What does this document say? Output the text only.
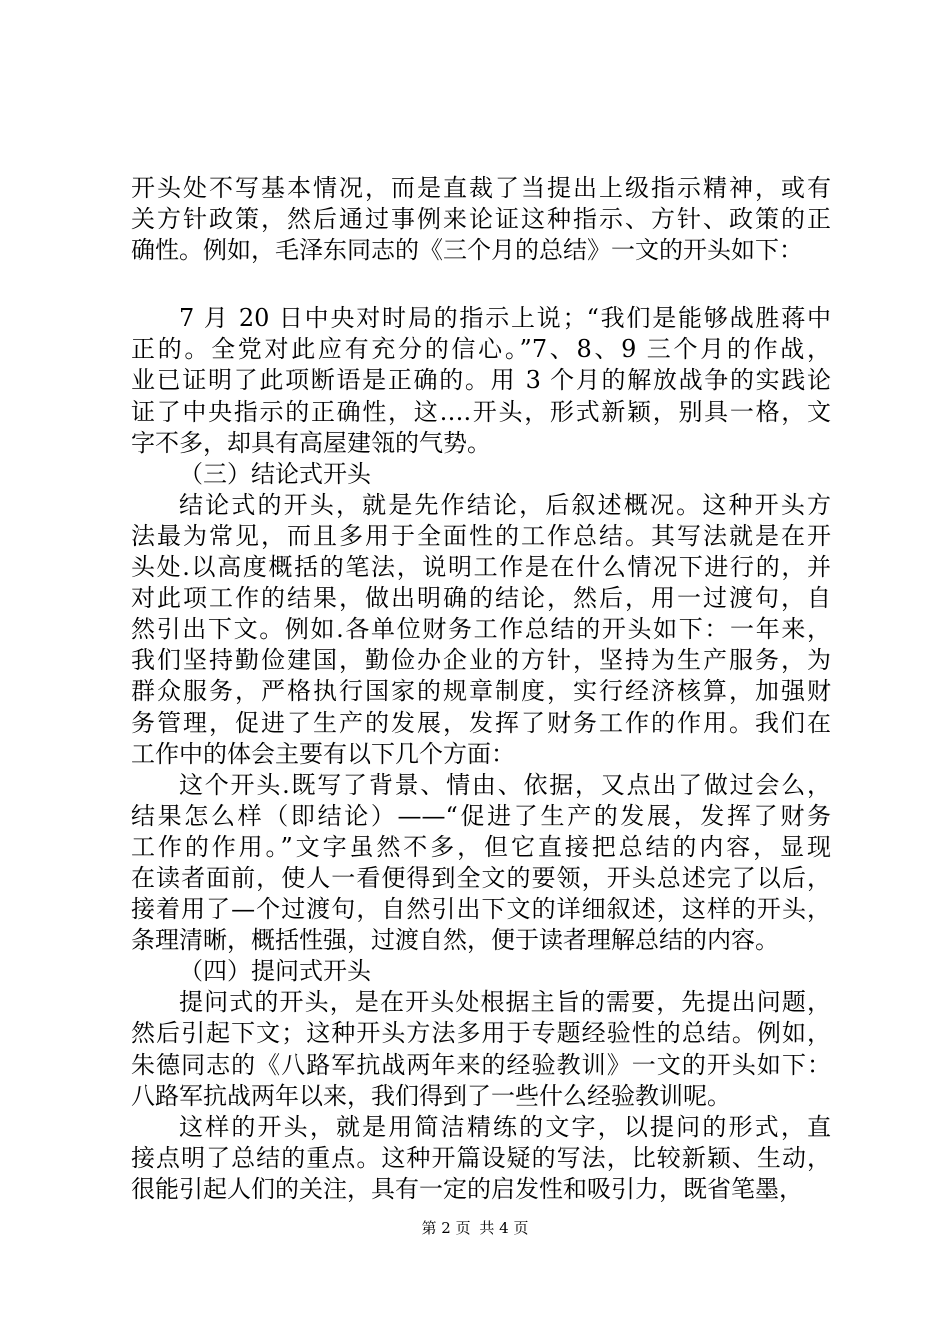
开头处不写基本情况，而是直裁了当提出上级指示精神，或有
关方针政策，然后通过事例来论证这种指示、方针、政策的正
确性。例如，毛泽东同志的《三个月的总结》一文的开头如下：
7 月 20 日中央对时局的指示上说；“我们是能够战胜蒋中
正的。全党对此应有充分的信心。”7、8、9 三个月的作战，
业已证明了此项断语是正确的。用 3 个月的解放战争的实践论
证了中央指示的正确性，这….开头，形式新颖，别具一格，文
字不多，却具有高屋建瓴的气势。
（三）结论式开头
结论式的开头，就是先作结论，后叙述概况。这种开头方
法最为常见，而且多用于全面性的工作总结。其写法就是在开
头处.以高度概括的笔法，说明工作是在什么情况下进行的，并
对此项工作的结果，做出明确的结论，然后，用一过渡句，自
然引出下文。例如.各单位财务工作总结的开头如下：一年来，
我们坚持勤俭建国，勤俭办企业的方针，坚持为生产服务，为
群众服务，严格执行国家的规章制度，实行经济核算，加强财
务管理，促进了生产的发展，发挥了财务工作的作用。我们在
工作中的体会主要有以下几个方面：
这个开头.既写了背景、情由、依据，又点出了做过会么，
结果怎么样（即结论）——“促进了生产的发展，发挥了财务
工作的作用。”文字虽然不多，但它直接把总结的内容，显现
在读者面前，使人一看便得到全文的要领，开头总述完了以后，
接着用了—个过渡句，自然引出下文的详细叙述，这样的开头，
条理清晰，概括性强，过渡自然，便于读者理解总结的内容。
（四）提问式开头
提问式的开头，是在开头处根据主旨的需要，先提出问题，
然后引起下文；这种开头方法多用于专题经验性的总结。例如，
朱德同志的《八路军抗战两年来的经验教训》一文的开头如下：
八路军抗战两年以来，我们得到了一些什么经验教训呢。
这样的开头，就是用简洁精练的文字，以提问的形式，直
接点明了总结的重点。这种开篇设疑的写法，比较新颖、生动，
很能引起人们的关注，具有一定的启发性和吸引力，既省笔墨，
第 2 页 共 4 页
